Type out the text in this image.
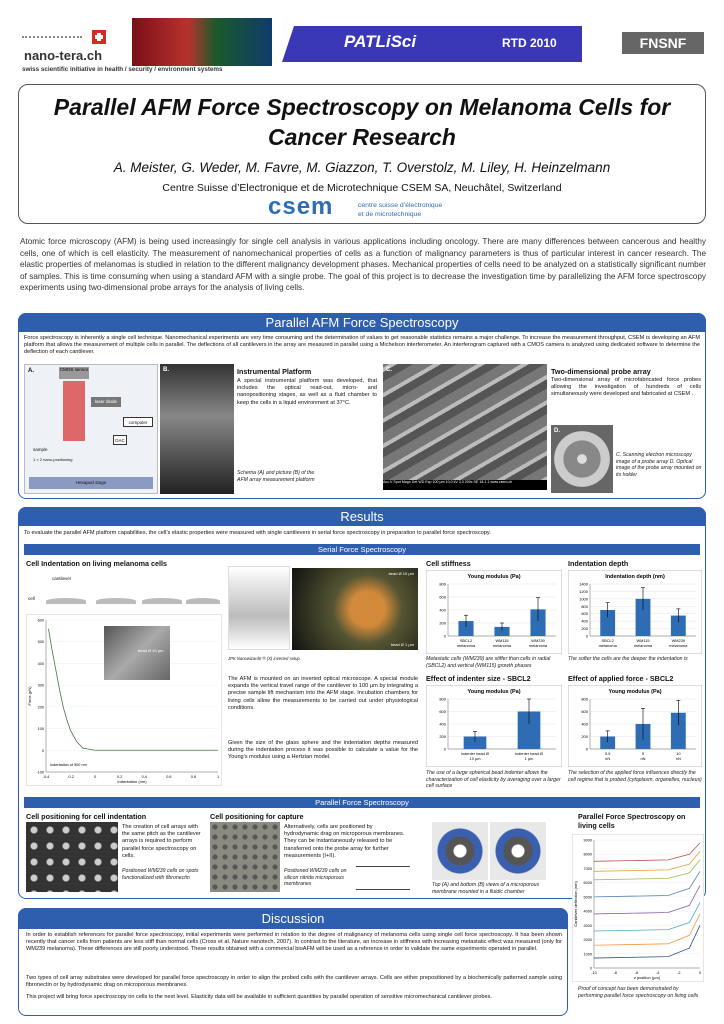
nano-tera.ch
swiss scientific initiative in health / security / environment systems
PATLiSci	RTD 2010	FNSNF
Parallel AFM Force Spectroscopy on Melanoma Cells for
Cancer Research
A. Meister, G. Weder, M. Favre, M. Giazzon, T. Overstolz, M. Liley, H. Heinzelmann
Centre Suisse d’Electronique et de Microtechnique CSEM SA, Neuchâtel, Switzerland
csem	centre suisse d’électronique
et de microtechnique
Atomic force microscopy (AFM) is being used increasingly for single cell analysis in various applications including oncology. There are many differences between cancerous and healthy cells, one of which is cell elasticity. The measurement of nanomechanical properties of cells as a function of malignancy parameters is thus of particular interest in cancer research. The elastic properties of melanomas is studied in relation to the different malignancy development phases. Mechanical properties of cells need to be analyzed on a statistically significant number of samples. This is time consuming when using a standard AFM with a single probe. The goal of this project is to decrease the investigation time by parallelizing the AFM force spectroscopy experiments using two-dimensional probe arrays for the analysis of living cells.
Parallel AFM Force Spectroscopy
Force spectroscopy is inherently a single cell technique. Nanomechanical experiments are very time consuming and the determination of values to get reasonable statistics remains a major challenge. To increase the measurement throughput, CSEM is developing an AFM platform that allows the measurement of multiple cells in parallel. The deflections of all cantilevers in the array are measured in parallel using a Michelson interferometer. An interferogram captured with a CMOS camera is analyzed using dedicated software to determine the deflection of each cantilever.
A.	CMOS sensor
laser diode
computer
DAC
sample
1 × 2 nano-positioning
Hexapod stage
B.	Instrumental Platform
A special instrumental platform was developed, that includes the optical read-out, micro- and nanopositioning stages, as well as a fluid chamber to keep the cells in a liquid environment at 37°C.
Schema (A) and picture (B) of the AFM array measurement platform
C.
Acc.V Spot Magn Det WD Exp 100 µm 10.0 kV 3.0 200x SE 18.1 1 www.csem.ch
Two-dimensional probe array
Two-dimensional array of microfabricated force probes allowing the investigation of hundreds of cells simultaneously were developed and fabricated at CSEM .
D.
C. Scanning electron microscopy image of a probe array D. Optical image of the probe array mounted on its holder
Results
To evaluate the parallel AFM platform capabilities, the cell’s elastic properties were measured with single cantilevers in serial force spectroscopy in preparation to parallel force spectroscopy.
Serial Force Spectroscopy
Cell Indentation on living melanoma cells
cantilever
cell
-100
0
100
200
300
400
500
600
-0.4	-0.2	0	0.2	0.4	0.6	0.8	1
Indentation (nm)
Force (pN)
Indentation of 500 nm
bead Ø 10 µm
JPK NanowizardII ® (X) inverted setup
bead Ø 10 µm
bead Ø 1 µm
The AFM is mounted on an inverted optical microscope. A special module expands the vertical travel range of the cantilever to 100 µm by integrating a precise sample lift mechanism into the AFM stage. Incubation chambers for living cells allow the measurements to be carried out under physiological conditions.
Given the size of the glass sphere and the indentation depths measured during the indentation process it was possible to calculate a value for the Young’s modulus using a Hertzian model.
Cell stiffness
Young modulus (Pa)
0
200
400
600
800
SBCL2
melanoma
WM115
melanoma
WM239
melanoma
Metastatic cells (WM239) are stiffer than cells in radial (SBCL2) and vertical (WM115) growth phases
Indentation depth
Indentation depth (nm)
0
200
400
600
800
1000
1200
1400
SBCL2
melanoma
WM115
melanoma
WM239
melanoma
The softer the cells are the deeper the indentation is
Effect of indenter size - SBCL2
Young modulus (Pa)
0
200
400
600
800
indenter bead Ø
10 µm
indenter bead Ø
1 µm
The use of a large spherical bead indenter allows the characterization of cell elasticity by averaging over a larger cell surface
Effect of applied force - SBCL2
Young modulus (Pa)
0
200
400
600
800
0.5
nN
5
nN
10
nN
The selection of the applied force influences directly the cell regime that is probed (cytoplasm, organelles, nucleus)
Parallel Force Spectroscopy
Cell positioning for cell indentation
The creation of cell arrays with the same pitch as the cantilever arrays is required to perform parallel force spectroscopy on cells.
Positioned WM239 cells on spots functionalized with fibronectin
Cell positioning for capture
Alternatively, cells are positioned by hydrodynamic drag on microporous membranes. They can be instantaneously released to be transferred onto the probe array for further measurements (I+II).
Positioned WM239 cells on silicon nitride microporous membranes	Top (A) and bottom (B) views of a microporous membrane mounted in a fluidic chamber
Parallel Force Spectroscopy on living cells
0
1000
2000
3000
4000
5000
6000
7000
8000
9000
-10	-8	-6	-4	-2	0
z position (µm)
Cantilever deflection (nm)
Proof of concept has been demonstrated by performing parallel force spectroscopy on living cells
Discussion
In order to establish references for parallel force spectroscopy, initial experiments were performed in relation to the degree of malignancy of melanoma cells using single cell force spectroscopy. It has been shown recently that cancer cells from patients are less stiff than normal cells (Cross et al. Nature nanotech, 2007). In contrast to the literature, an increase in stiffness with increasing metastatic effect was measured (only for WM239 melanoma). These differences are still poorly understood. These results obtained with a commercial bioAFM will be used as a reference in order to validate the same experiments operated in parallel.
Two types of cell array substrates were developed for parallel force spectroscopy in order to align the probed cells with the cantilever arrays. Cells are either prepositioned by a biochemically patterned sample using fibronectin or by hydrodynamic drag on microporous membranes.
This project will bring force spectroscopy on cells to the next level. Elasticity data will be available in sufficient quantities by parallel operation of sensitive micromechanical cantilever probes.
